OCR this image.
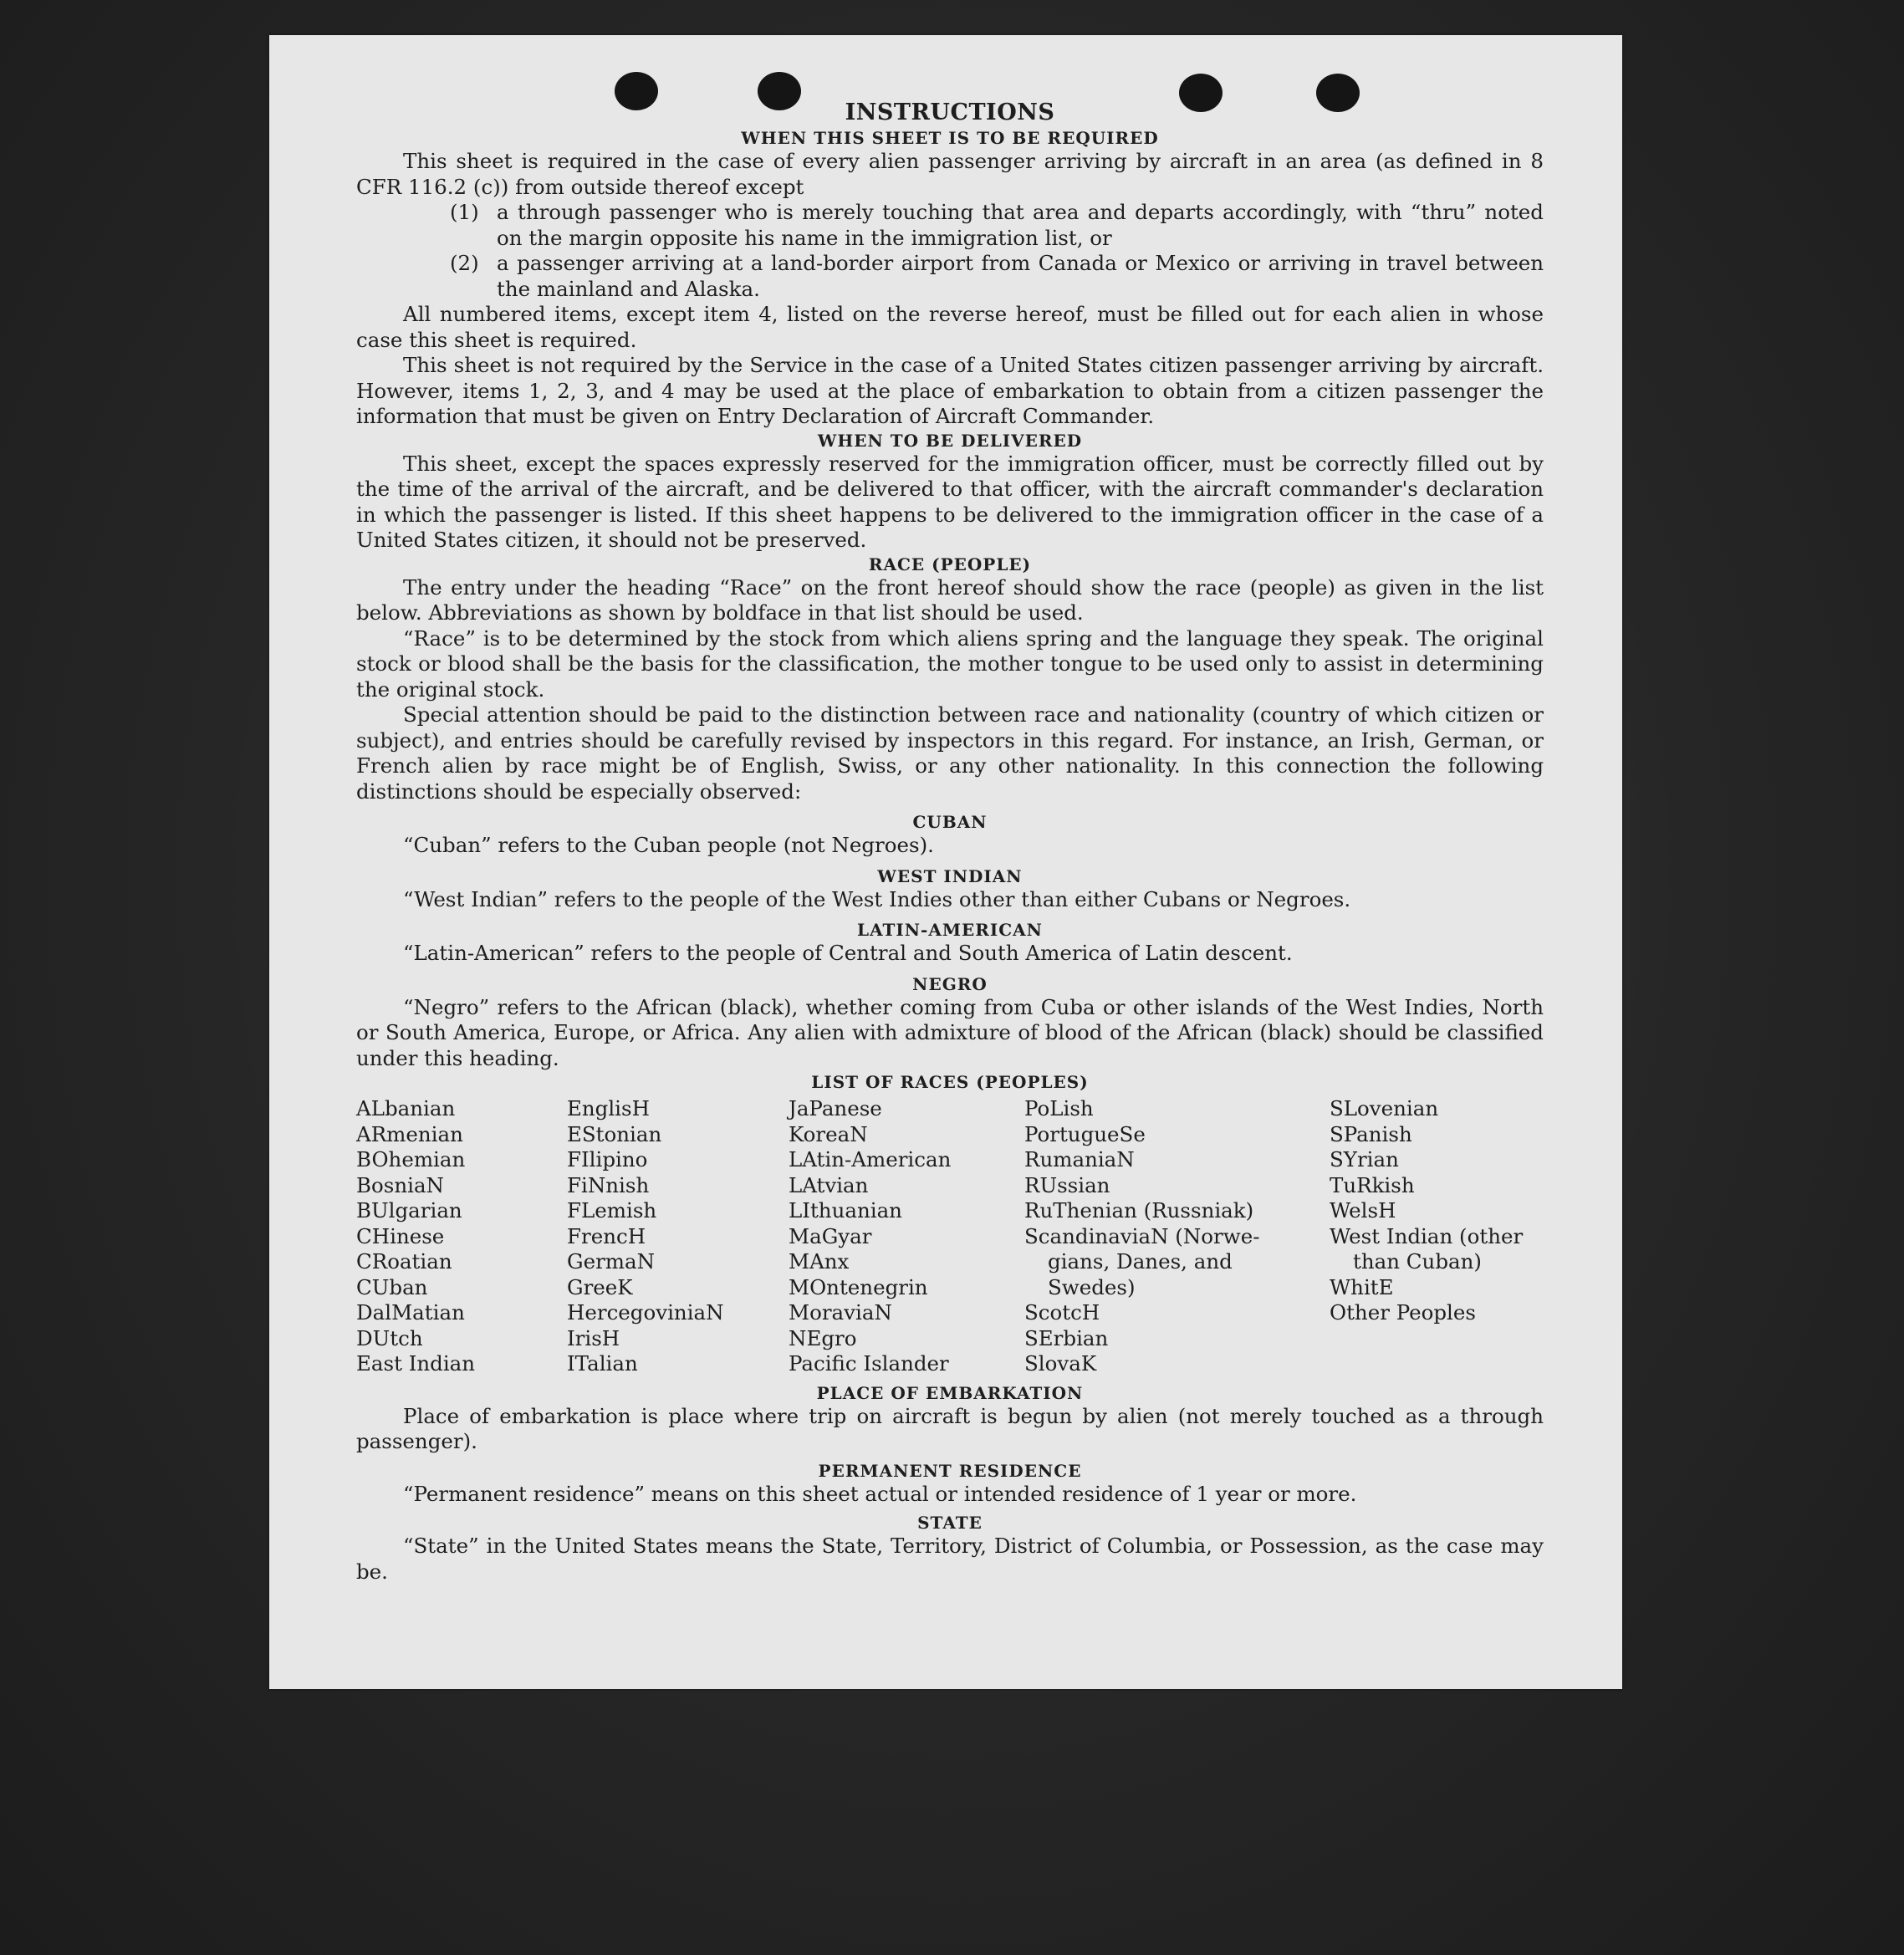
INSTRUCTIONS
WHEN THIS SHEET IS TO BE REQUIRED

This sheet is required in the case of every alien passenger arriving by aircraft in an area (as defined in 8 CFR 116.2 (c)) from outside thereof except

(1) a through passenger who is merely touching that area and departs accordingly, with “thru” noted on the margin opposite his name in the immigration list, or

(2) a passenger arriving at a land-border airport from Canada or Mexico or arriving in travel between the mainland and Alaska.

All numbered items, except item 4, listed on the reverse hereof, must be filled out for each alien in whose case this sheet is required.

This sheet is not required by the Service in the case of a United States citizen passenger arriving by aircraft. However, items 1, 2, 3, and 4 may be used at the place of embarkation to obtain from a citizen passenger the information that must be given on Entry Declaration of Aircraft Commander.

WHEN TO BE DELIVERED

This sheet, except the spaces expressly reserved for the immigration officer, must be correctly filled out by the time of the arrival of the aircraft, and be delivered to that officer, with the aircraft commander's declaration in which the passenger is listed. If this sheet happens to be delivered to the immigration officer in the case of a United States citizen, it should not be preserved.

RACE (PEOPLE)

The entry under the heading “Race” on the front hereof should show the race (people) as given in the list below. Abbreviations as shown by boldface in that list should be used.

“Race” is to be determined by the stock from which aliens spring and the language they speak. The original stock or blood shall be the basis for the classification, the mother tongue to be used only to assist in determining the original stock.

Special attention should be paid to the distinction between race and nationality (country of which citizen or subject), and entries should be carefully revised by inspectors in this regard. For instance, an Irish, German, or French alien by race might be of English, Swiss, or any other nationality. In this connection the following distinctions should be especially observed:

CUBAN

“Cuban” refers to the Cuban people (not Negroes).

WEST INDIAN

“West Indian” refers to the people of the West Indies other than either Cubans or Negroes.

LATIN-AMERICAN

“Latin-American” refers to the people of Central and South America of Latin descent.

NEGRO

“Negro” refers to the African (black), whether coming from Cuba or other islands of the West Indies, North or South America, Europe, or Africa. Any alien with admixture of blood of the African (black) should be classified under this heading.

LIST OF RACES (PEOPLES)
ALbanian
ARmenian
BOhemian
BosniaN
BUlgarian
CHinese
CRoatian
CUban
DalMatian
DUtch
East Indian
EnglisH
EStonian
FIlipino
FiNnish
FLemish
FrencH
GermaN
GreeK
HercegoviniaN
IrisH
ITalian
JaPanese
KoreaN
LAtin-American
LAtvian
LIthuanian
MaGyar
MAnx
MOntenegrin
MoraviaN
NEgro
Pacific Islander
PoLish
PortugueSe
RumaniaN
RUssian
RuThenian (Russniak)
ScandinaviaN (Norwe-
gians, Danes, and
Swedes)
ScotcH
SErbian
SlovaK
SLovenian
SPanish
SYrian
TuRkish
WelsH
West Indian (other
than Cuban)
WhitE
Other Peoples
PLACE OF EMBARKATION

Place of embarkation is place where trip on aircraft is begun by alien (not merely touched as a through passenger).

PERMANENT RESIDENCE

“Permanent residence” means on this sheet actual or intended residence of 1 year or more.

STATE

“State” in the United States means the State, Territory, District of Columbia, or Possession, as the case may be.
